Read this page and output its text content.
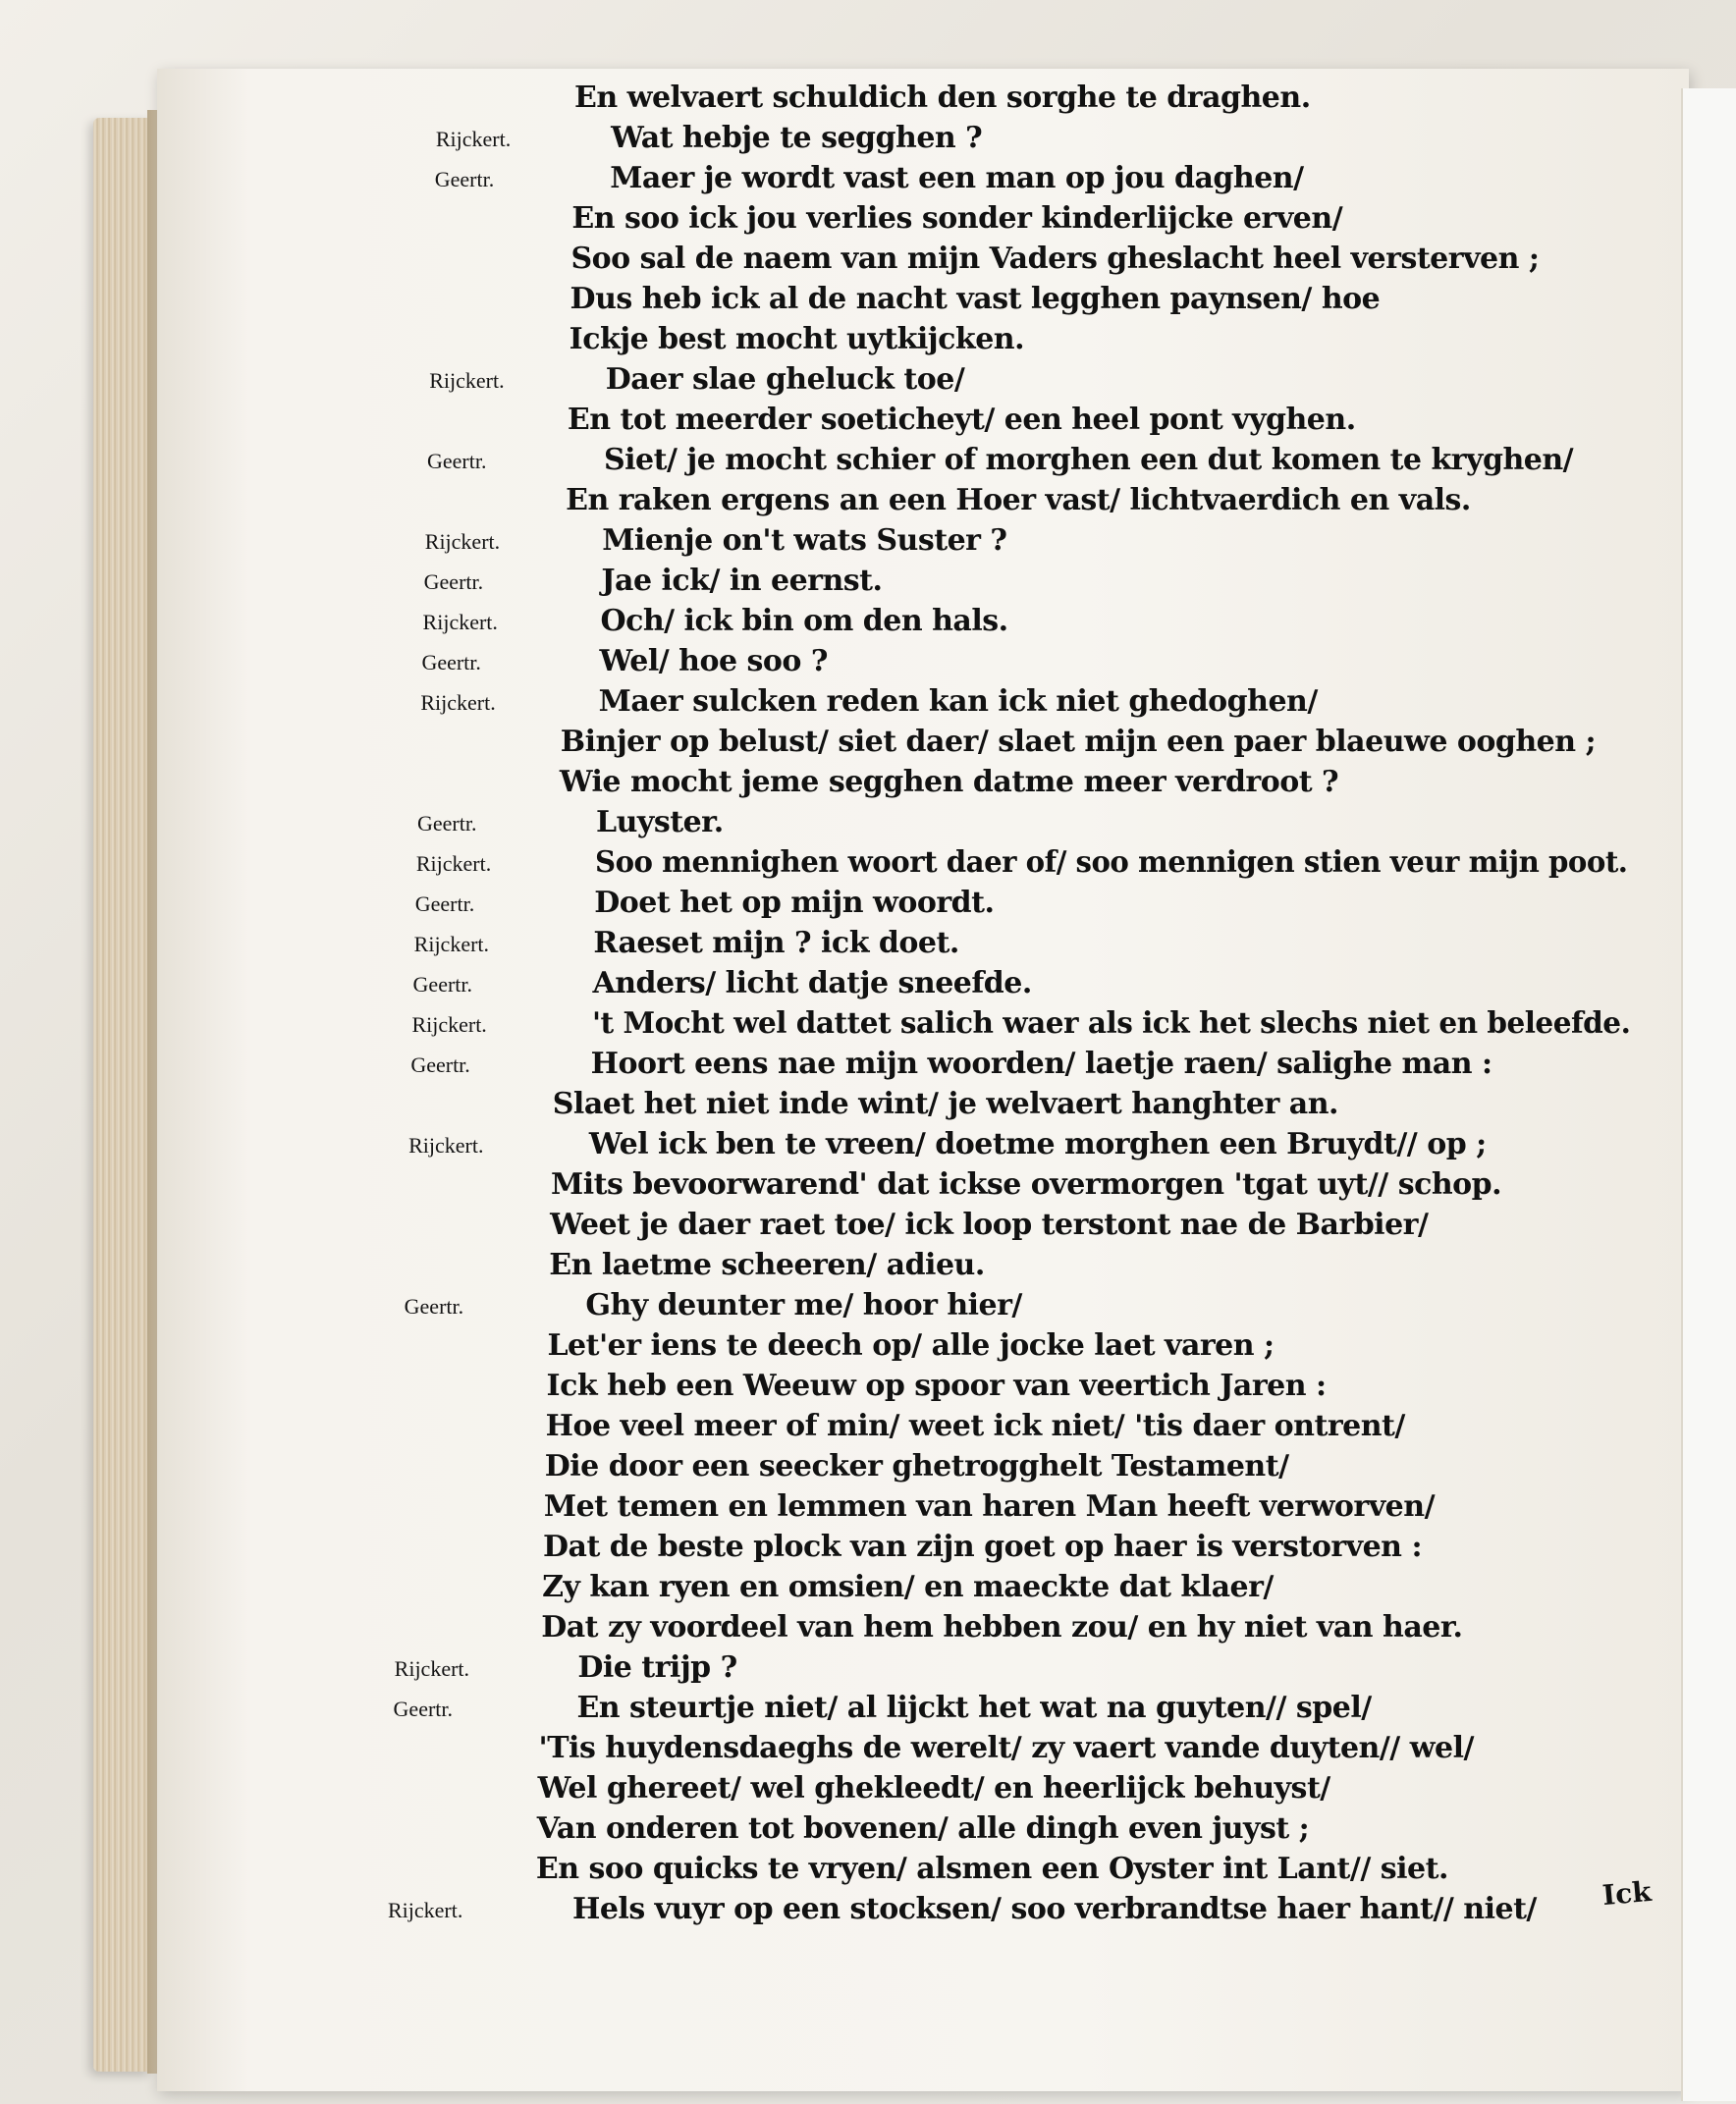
En welvaert schuldich den sorghe te draghen.
Rijckert.	Wat hebje te segghen ?
Geertr.	Maer je wordt vast een man op jou daghen/
En soo ick jou verlies sonder kinderlijcke erven/
Soo sal de naem van mijn Vaders gheslacht heel versterven ;
Dus heb ick al de nacht vast legghen paynsen/ hoe
Ickje best mocht uytkijcken.
Rijckert.	Daer slae gheluck toe/
En tot meerder soeticheyt/ een heel pont vyghen.
Geertr.	Siet/ je mocht schier of morghen een dut komen te kryghen/
En raken ergens an een Hoer vast/ lichtvaerdich en vals.
Rijckert.	Mienje on't wats Suster ?
Geertr.	Jae ick/ in eernst.
Rijckert.	Och/ ick bin om den hals.
Geertr.	Wel/ hoe soo ?
Rijckert.	Maer sulcken reden kan ick niet ghedoghen/
Binjer op belust/ siet daer/ slaet mijn een paer blaeuwe ooghen ;
Wie mocht jeme segghen datme meer verdroot ?
Geertr.	Luyster.
Rijckert.	Soo mennighen woort daer of/ soo mennigen stien veur mijn poot.
Geertr.	Doet het op mijn woordt.
Rijckert.	Raeset mijn ? ick doet.
Geertr.	Anders/ licht datje sneefde.
Rijckert.	't Mocht wel dattet salich waer als ick het slechs niet en beleefde.
Geertr.	Hoort eens nae mijn woorden/ laetje raen/ salighe man :
Slaet het niet inde wint/ je welvaert hanghter an.
Rijckert.	Wel ick ben te vreen/ doetme morghen een Bruydt// op ;
Mits bevoorwarend' dat ickse overmorgen 'tgat uyt// schop.
Weet je daer raet toe/ ick loop terstont nae de Barbier/
En laetme scheeren/ adieu.
Geertr.	Ghy deunter me/ hoor hier/
Let'er iens te deech op/ alle jocke laet varen ;
Ick heb een Weeuw op spoor van veertich Jaren :
Hoe veel meer of min/ weet ick niet/ 'tis daer ontrent/
Die door een seecker ghetrogghelt Testament/
Met temen en lemmen van haren Man heeft verworven/
Dat de beste plock van zijn goet op haer is verstorven :
Zy kan ryen en omsien/ en maeckte dat klaer/
Dat zy voordeel van hem hebben zou/ en hy niet van haer.
Rijckert.	Die trijp ?
Geertr.	En steurtje niet/ al lijckt het wat na guyten// spel/
'Tis huydensdaeghs de werelt/ zy vaert vande duyten// wel/
Wel ghereet/ wel ghekleedt/ en heerlijck behuyst/
Van onderen tot bovenen/ alle dingh even juyst ;
En soo quicks te vryen/ alsmen een Oyster int Lant// siet.
Rijckert.	Hels vuyr op een stocksen/ soo verbrandtse haer hant// niet/ Ick
